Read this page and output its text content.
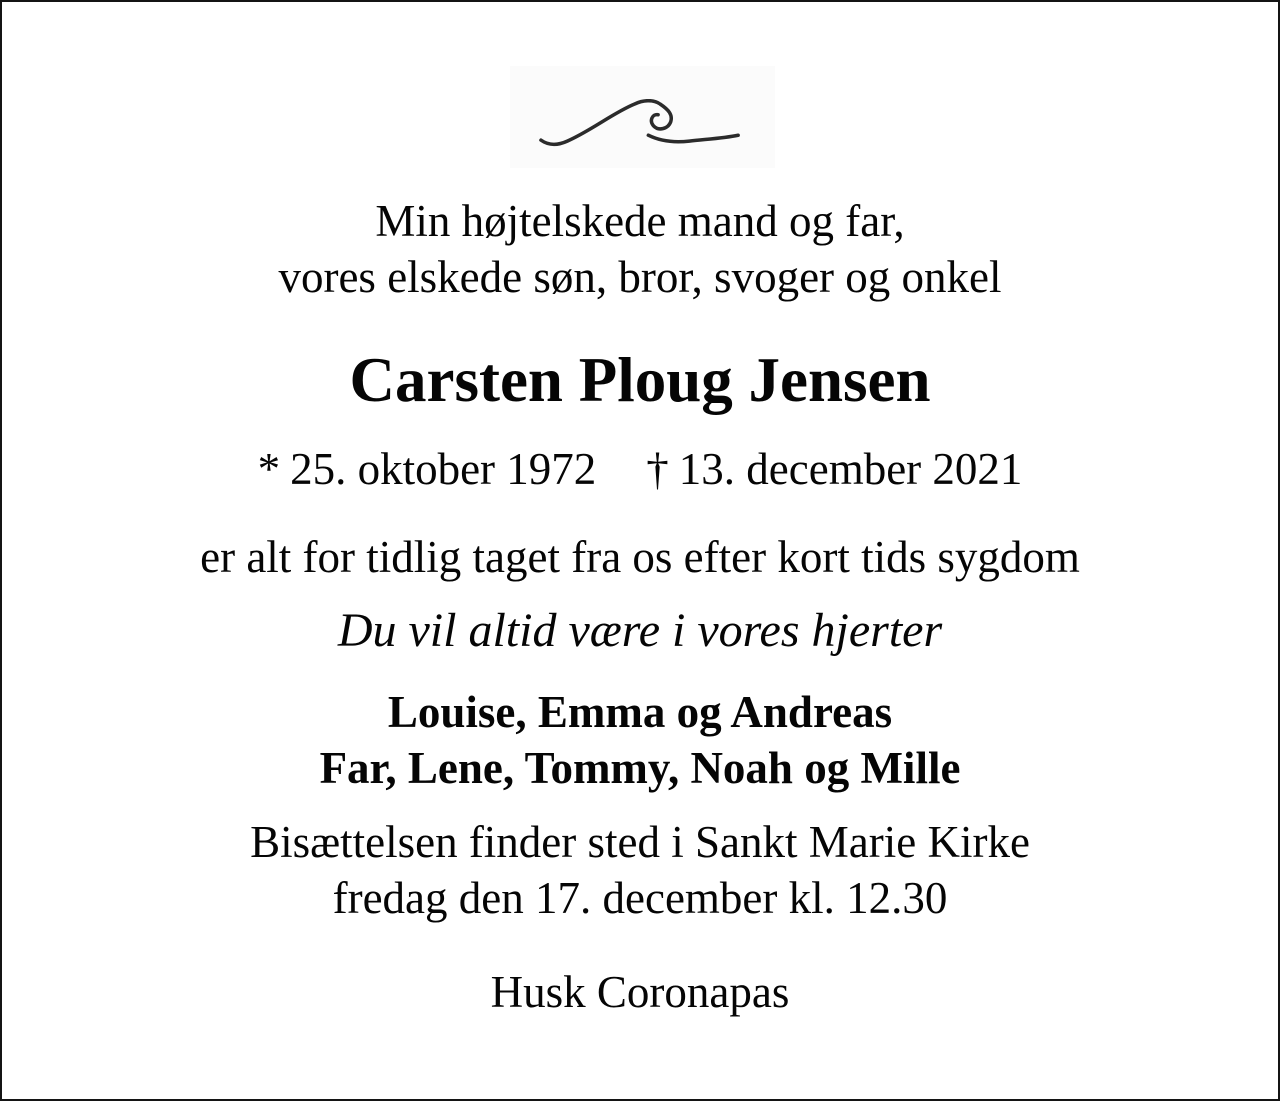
Min højtelskede mand og far,
vores elskede søn, bror, svoger og onkel
Carsten Ploug Jensen
* 25. oktober 1972 † 13. december 2021
er alt for tidlig taget fra os efter kort tids sygdom
Du vil altid være i vores hjerter
Louise, Emma og Andreas
Far, Lene, Tommy, Noah og Mille
Bisættelsen finder sted i Sankt Marie Kirke
fredag den 17. december kl. 12.30
Husk Coronapas
